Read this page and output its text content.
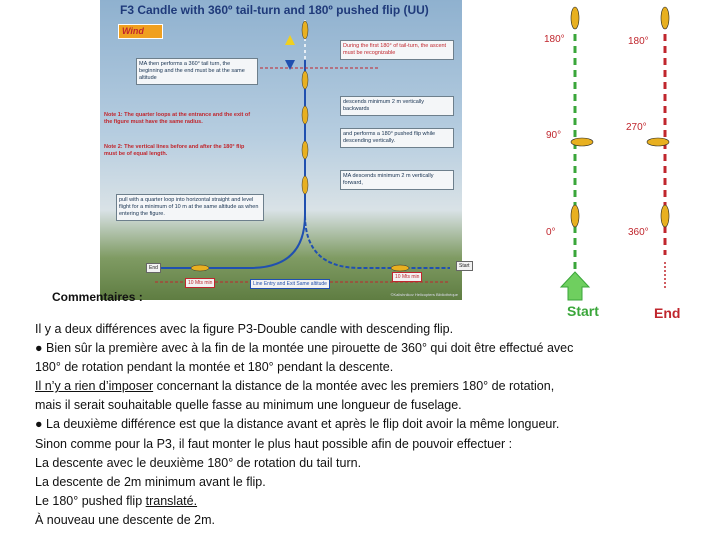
F3 Candle with 360º tail-turn and 180º pushed flip (UU)
Wind
MA then performs a 360° tail turn, the beginning and the end must be at the same altitude
Note 1: The quarter loops at the entrance and the exit of the figure must have the same radius.
Note 2: The vertical lines before and after the 180° flip must be of equal length.
pull with a quarter loop into horizontal straight and level flight for a minimum of 10 m at the same altitude as when entering the figure.
During the first 180° of tail-turn, the ascent must be recognizable
descends minimum 2 m vertically backwards
and performs a 180° pushed flip while descending vertically.
MA descends minimum 2 m vertically forward,
End	Start
10 Mts min
10 Mts min
Line Entry and Exit Same altitude
©Kalishnikov Helicopters Bibliothèque
180°	180°
90°
270°
0°	360°
Start	End
Commentaires :
Il y a deux différences avec la figure P3-Double candle with descending flip.
● Bien sûr la première avec à la fin de la montée une pirouette de 360° qui doit être effectué avec
180° de rotation pendant la montée et 180° pendant la descente.
Il n’y a rien d’imposer concernant la distance de la montée avec les premiers 180° de rotation,
mais il serait souhaitable quelle fasse au minimum une longueur de fuselage.
● La deuxième différence est que la distance avant et après le flip doit avoir la même longueur.
Sinon comme pour la P3, il faut monter le plus haut possible afin de pouvoir effectuer :
La descente avec le deuxième 180° de rotation du tail turn.
La descente de 2m minimum avant le flip.
Le 180° pushed flip translaté.
À nouveau une descente de 2m.
